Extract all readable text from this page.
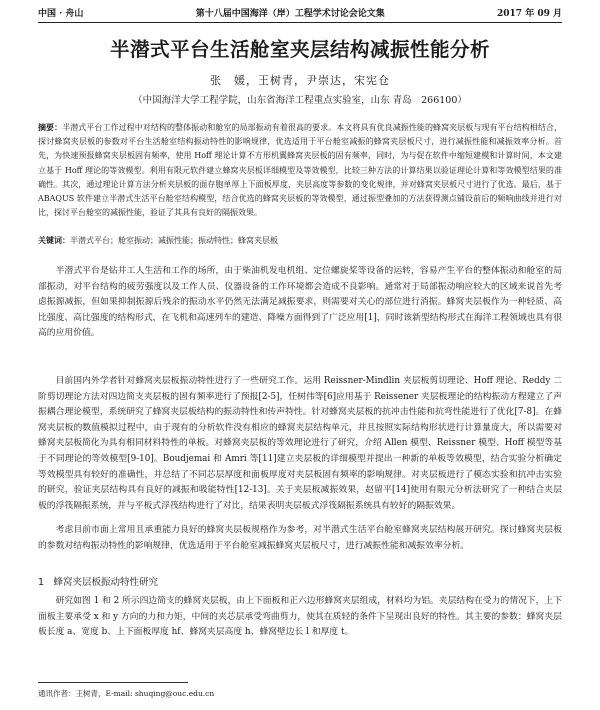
中国 · 舟山	第十八届中国海洋（岸）工程学术讨论会论文集	2017 年 09 月
半潜式平台生活舱室夹层结构减振性能分析
张　媛，王树青，尹崇达，宋宪仓
（中国海洋大学工程学院，山东省海洋工程重点实验室，山东 青岛　266100）
摘要：半潜式平台工作过程中对结构的整体振动和舱室的局部振动有着很高的要求。本文将具有优良减振性能的蜂窝夹层板与现有平台结构相结合，探讨蜂窝夹层板的参数对平台生活舱室结构振动特性的影响规律，优选适用于平台舱室减振的蜂窝夹层板尺寸，进行减振性能和减振效率分析。首先，为快速预报蜂窝夹层板固有频率，使用 Hoff 理论计算不方形机翼蜂窝夹层板的固有频率，同时，为与促在软件中缩短建模和计算时间，本文建立基于 Hoff 理论的等效模型。利用有限元软件建立蜂窝夹层板详细模型及等效模型，比较三种方法的计算结果以验证理论计算和等效模型结果的准确性。其次，通过理论计算方法分析夹层板的面存胞单厚上下面板厚度、夹层高度等参数的变化规律，并对蜂窝夹层板尺寸进行了优选。最后，基于 ABAQUS 软件建立半潜式生活平台舱室结构模型，结合优选的蜂窝夹层板的等效模型，通过振型叠加的方法获得测点铺设前后的频响曲线并进行对比，探讨平台舱室的减振性能，验证了其具有良好的隔振效果。
关键词：半潜式平台；舱室振动；减振性能；振动特性；蜂窝夹层板
半潜式平台是钻井工人生活和工作的场所，由于柴油机发电机组、定位螺旋桨等设备的运转，容易产生平台的整体振动和舱室的局部振动，对平台结构的疲劳强度以及工作人员、仪器设备的工作环境都会造成不良影响。通常对于局部振动响应较大的区域来说首先考虑振源减振，但如果抑制振源后残余的振动水平仍然无法满足减振要求，则需要对关心的部位进行消振。蜂窝夹层板作为一种轻质、高比强度、高比强度的结构形式，在飞机和高速列车的建造、降噪方面得到了广泛应用[1]，同时该新型结构形式在海洋工程领域也具有很高的应用价值。
目前国内外学者针对蜂窝夹层板振动特性进行了一些研究工作。运用 Reissner-Mindlin 夹层板剪切理论、Hoff 理论、Reddy 二阶剪切理论方法对四边简支夹层板的固有频率进行了预报[2-5]，任树伟等[6]应用基于 Reissener 夹层板理论的结构振动方程建立了声振耦合理论模型，系统研究了蜂窝夹层板结构的振动特性和传声特性。针对蜂窝夹层板的抗冲击性能和抗弯性能进行了优化[7-8]。在蜂窝夹层板的数值模拟过程中，由于现有的分析软件没有相应的蜂窝夹层结构单元，并且按照实际结构形状进行计算量庞大，所以需要对蜂窝夹层板简化为具有相同材料特性的单板。对蜂窝夹层板的等效理论进行了研究，介绍 Allen 模型、Reissner 模型、Hoff 模型等基于不同理论的等效模型[9-10]。Boudjemai 和 Amri 等[11]建立夹层板的详细模型并提出一种新的单板等效模型，结合实验分析确定等效模型具有较好的准确性，并总结了不同芯层厚度和面板厚度对夹层板固有频率的影响规律。对夹层板进行了模态实验和抗冲击实验的研究，验证夹层结构具有良好的减振和吸能特性[12-13]。关于夹层板减振效果，赵留平[14]使用有限元分析法研究了一种结合夹层板的浮筏隔振系统，并与平板式浮筏结构进行了对比，结果表明夹层板式浮筏隔振系统具有较好的隔振效果。
考虑目前市面上常用且承重能力良好的蜂窝夹层板规格作为参考，对半潜式生活平台舱室蜂窝夹层结构展开研究。探讨蜂窝夹层板的参数对结构振动特性的影响规律，优选适用于平台舱室减振蜂窝夹层板尺寸，进行减振性能和减振效率分析。
1　蜂窝夹层板振动特性研究
研究如图 1 和 2 所示四边简支的蜂窝夹层板，由上下面板和正六边形蜂窝夹层组成，材料均为铝。夹层结构在受力的情况下，上下面板主要承受 x 和 y 方向的力和力矩，中间的夹芯层承受弯曲剪力，使其在质轻的条件下呈现出良好的特性。其主要的参数：蜂窝夹层板长度 a、宽度 b、上下面板厚度 hf、蜂窝夹层高度 h、蜂窝壁边长 l 和厚度 t。
通讯作者：王树青，E-mail: shuqing@ouc.edu.cn
